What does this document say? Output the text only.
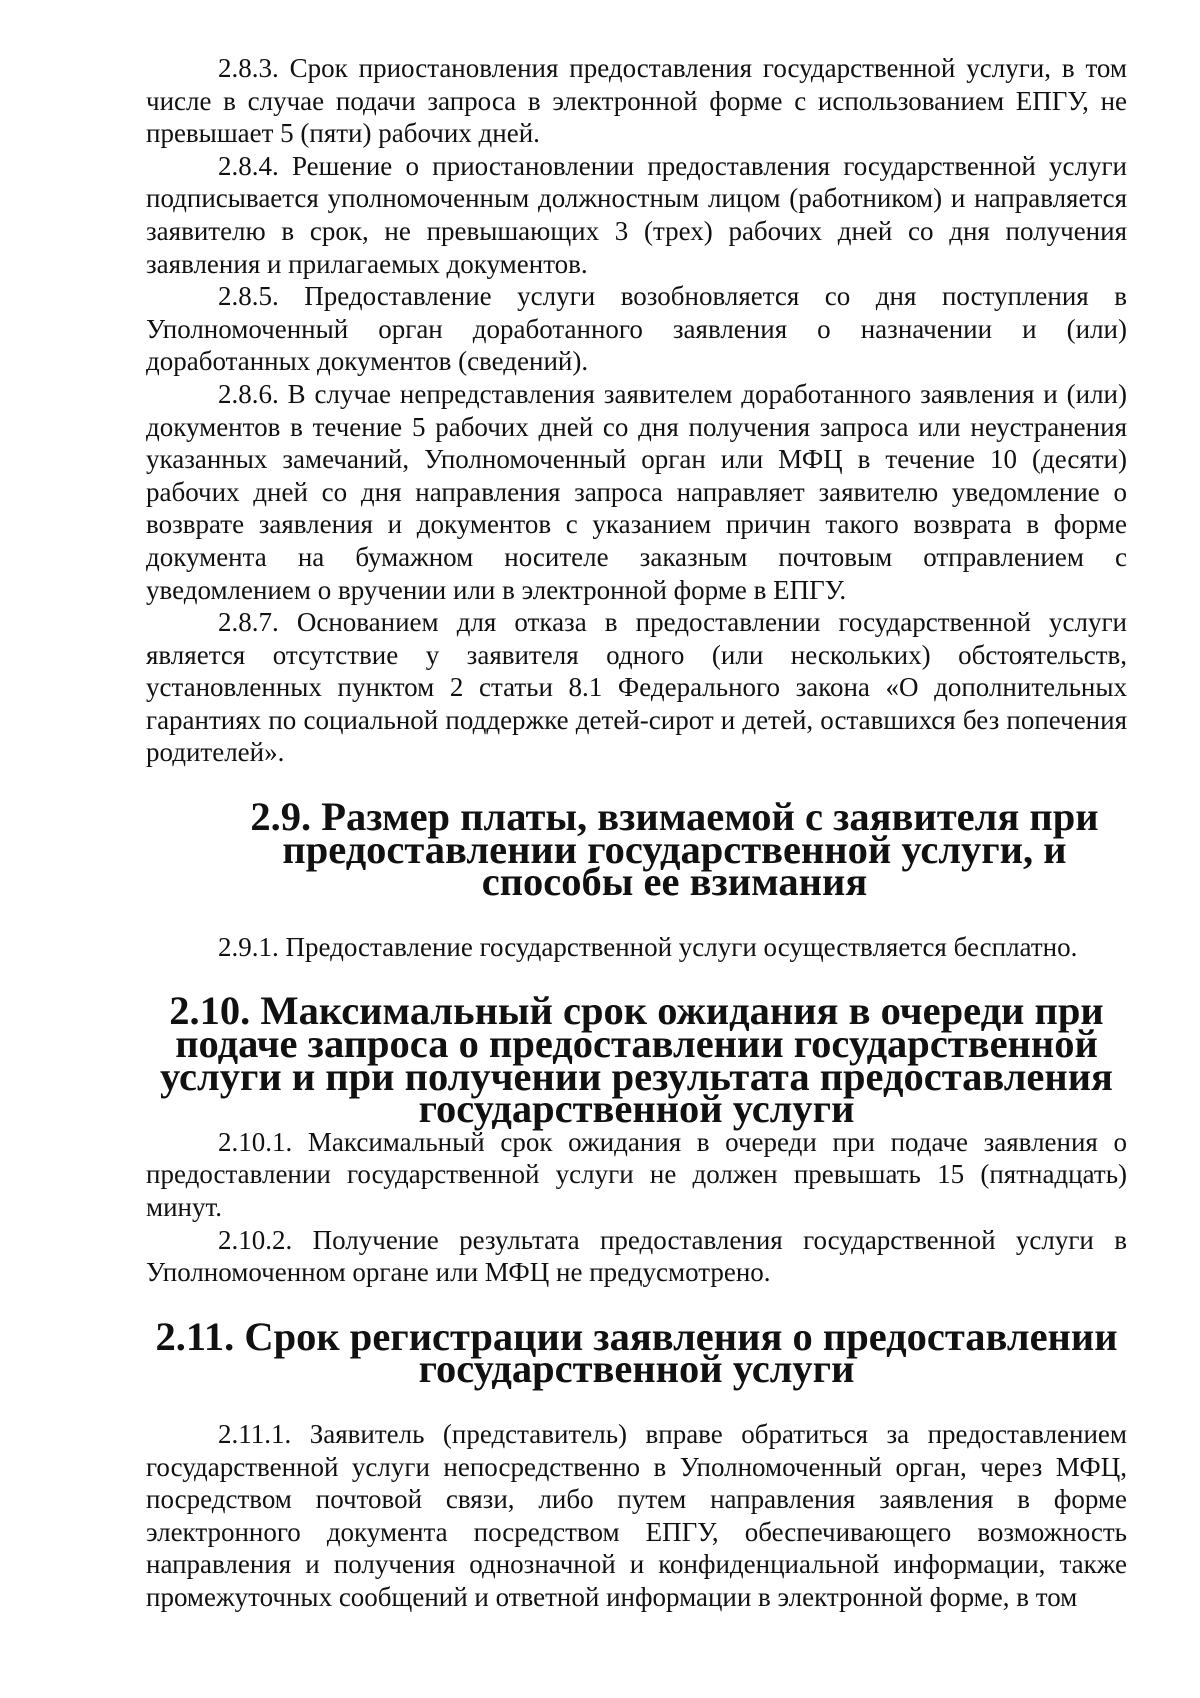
2.8.3. Срок приостановления предоставления государственной услуги, в том числе в случае подачи запроса в электронной форме с использованием ЕПГУ, не превышает 5 (пяти) рабочих дней.

2.8.4. Решение о приостановлении предоставления государственной услуги подписывается уполномоченным должностным лицом (работником) и направляется заявителю в срок, не превышающих 3 (трех) рабочих дней со дня получения заявления и прилагаемых документов.

2.8.5. Предоставление услуги возобновляется со дня поступления в Уполномоченный орган доработанного заявления о назначении и (или) доработанных документов (сведений).

2.8.6. В случае непредставления заявителем доработанного заявления и (или) документов в течение 5 рабочих дней со дня получения запроса или неустранения указанных замечаний, Уполномоченный орган или МФЦ в течение 10 (десяти) рабочих дней со дня направления запроса направляет заявителю уведомление о возврате заявления и документов с указанием причин такого возврата в форме документа на бумажном носителе заказным почтовым отправлением с уведомлением о вручении или в электронной форме в ЕПГУ.

2.8.7. Основанием для отказа в предоставлении государственной услуги является отсутствие у заявителя одного (или нескольких) обстоятельств, установленных пунктом 2 статьи 8.1 Федерального закона «О дополнительных гарантиях по социальной поддержке детей-сирот и детей, оставшихся без попечения родителей».

2.9. Размер платы, взимаемой с заявителя при предоставлении государственной услуги, и способы ее взимания

2.9.1. Предоставление государственной услуги осуществляется бесплатно.

2.10. Максимальный срок ожидания в очереди при подаче запроса о предоставлении государственной услуги и при получении результата предоставления государственной услуги

2.10.1. Максимальный срок ожидания в очереди при подаче заявления о предоставлении государственной услуги не должен превышать 15 (пятнадцать) минут.

2.10.2. Получение результата предоставления государственной услуги в Уполномоченном органе или МФЦ не предусмотрено.

2.11. Срок регистрации заявления о предоставлении государственной услуги

2.11.1. Заявитель (представитель) вправе обратиться за предоставлением государственной услуги непосредственно в Уполномоченный орган, через МФЦ, посредством почтовой связи, либо путем направления заявления в форме электронного документа посредством ЕПГУ, обеспечивающего возможность направления и получения однозначной и конфиденциальной информации, также промежуточных сообщений и ответной информации в электронной форме, в том
